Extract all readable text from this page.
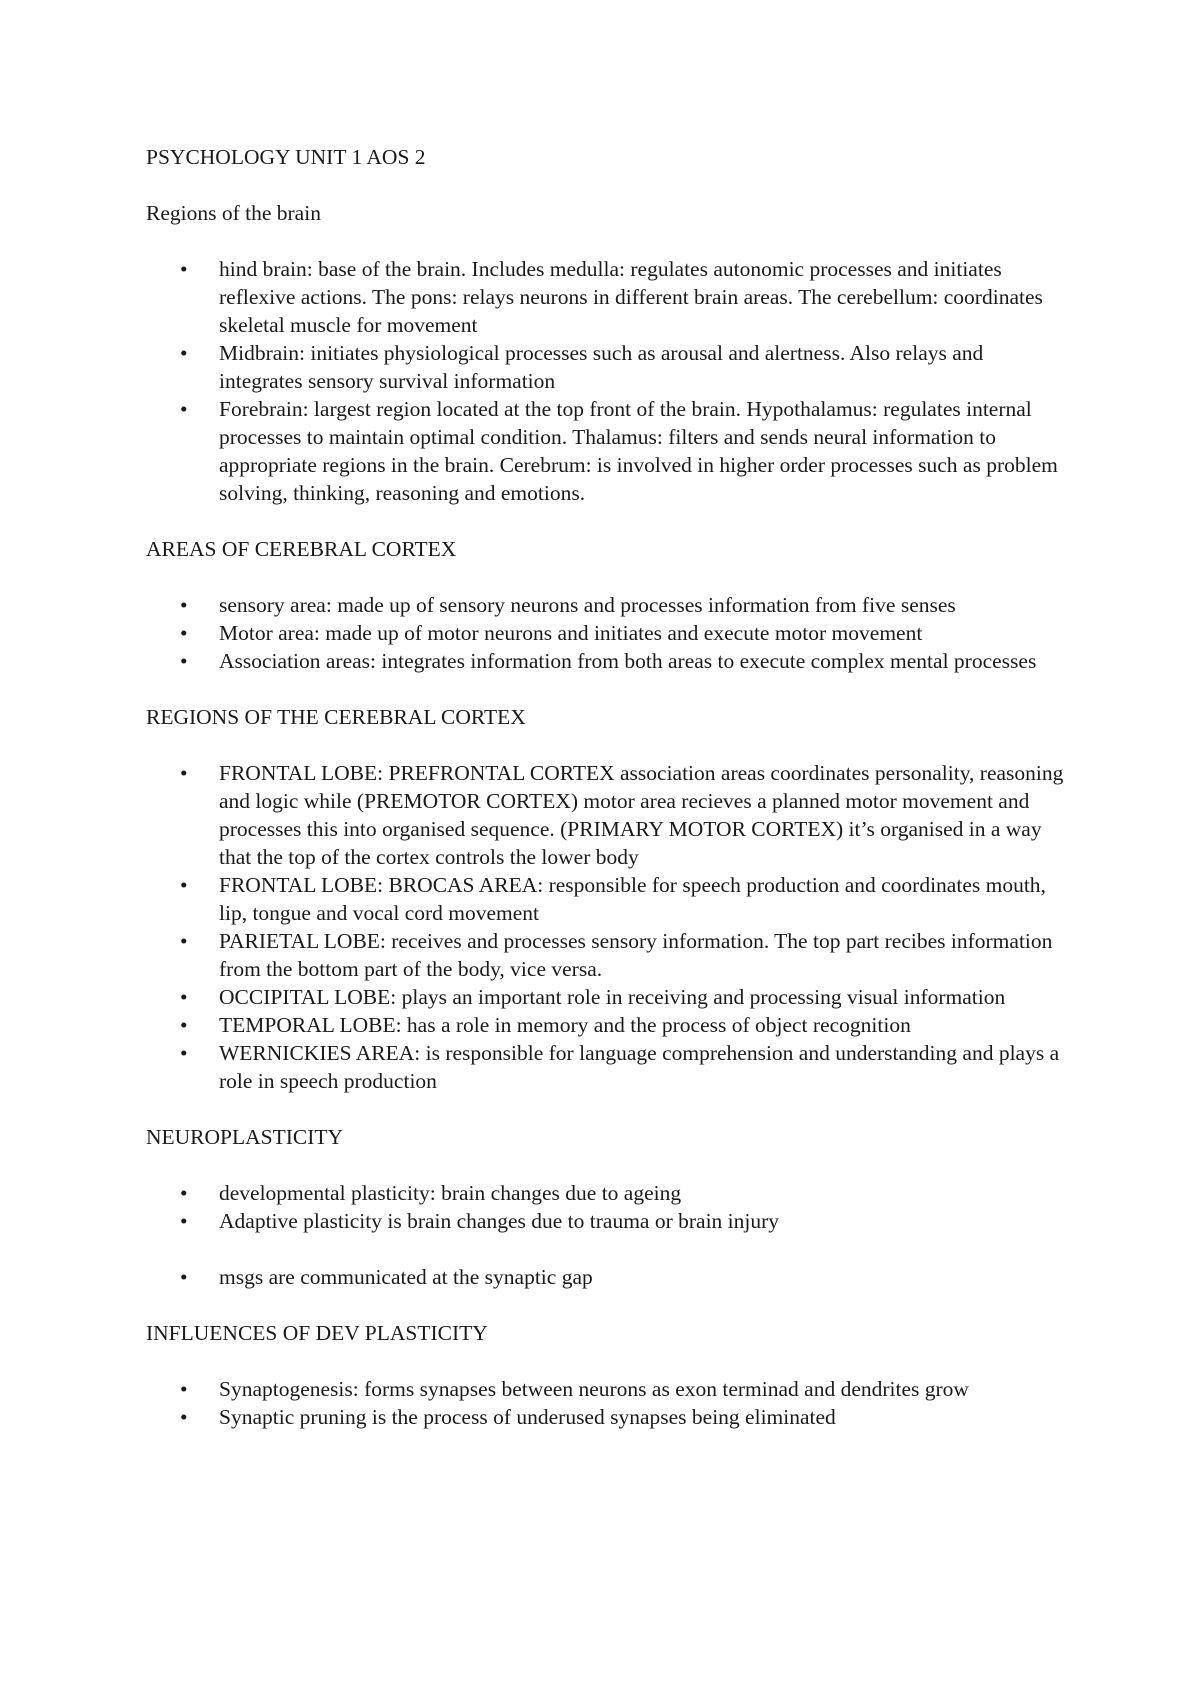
PSYCHOLOGY UNIT 1 AOS 2

Regions of the brain

• hind brain: base of the brain. Includes medulla: regulates autonomic processes and initiates reflexive actions. The pons: relays neurons in different brain areas. The cerebellum: coordinates skeletal muscle for movement
• Midbrain: initiates physiological processes such as arousal and alertness. Also relays and integrates sensory survival information
• Forebrain: largest region located at the top front of the brain. Hypothalamus: regulates internal processes to maintain optimal condition. Thalamus: filters and sends neural information to appropriate regions in the brain. Cerebrum: is involved in higher order processes such as problem solving, thinking, reasoning and emotions.

AREAS OF CEREBRAL CORTEX

• sensory area: made up of sensory neurons and processes information from five senses
• Motor area: made up of motor neurons and initiates and execute motor movement
• Association areas: integrates information from both areas to execute complex mental processes

REGIONS OF THE CEREBRAL CORTEX

• FRONTAL LOBE: PREFRONTAL CORTEX association areas coordinates personality, reasoning and logic while (PREMOTOR CORTEX) motor area recieves a planned motor movement and processes this into organised sequence. (PRIMARY MOTOR CORTEX) it’s organised in a way that the top of the cortex controls the lower body
• FRONTAL LOBE: BROCAS AREA: responsible for speech production and coordinates mouth, lip, tongue and vocal cord movement
• PARIETAL LOBE: receives and processes sensory information. The top part recibes information from the bottom part of the body, vice versa.
• OCCIPITAL LOBE: plays an important role in receiving and processing visual information
• TEMPORAL LOBE: has a role in memory and the process of object recognition
• WERNICKIES AREA: is responsible for language comprehension and understanding and plays a role in speech production

NEUROPLASTICITY

• developmental plasticity: brain changes due to ageing
• Adaptive plasticity is brain changes due to trauma or brain injury
• msgs are communicated at the synaptic gap

INFLUENCES OF DEV PLASTICITY

• Synaptogenesis: forms synapses between neurons as exon terminad and dendrites grow
• Synaptic pruning is the process of underused synapses being eliminated
